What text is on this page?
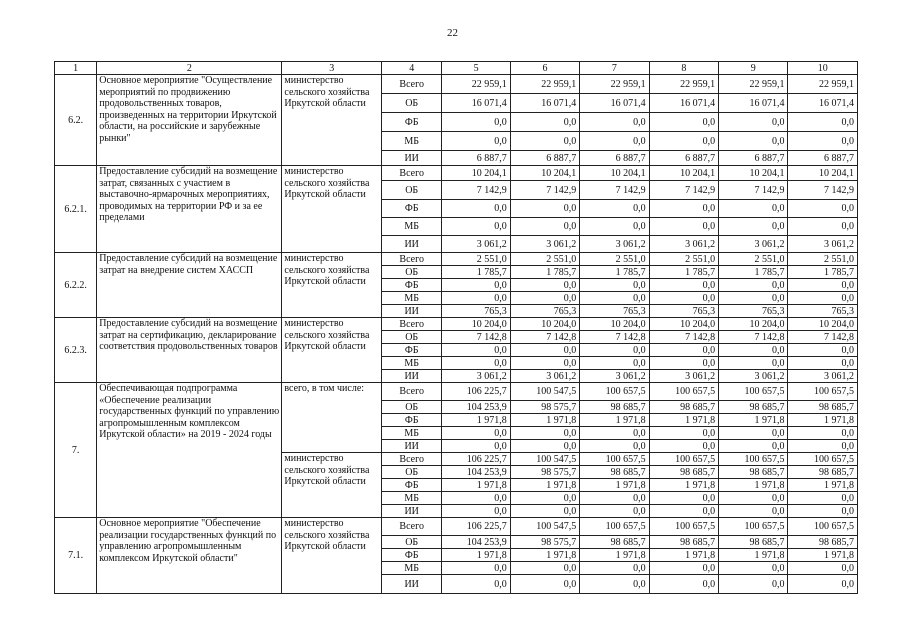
22
1	2	3	4	5	6	7	8	9	10
6.2.	Основное мероприятие "Осуществление мероприятий по продвижению продовольственных товаров, произведенных на территории Иркутской области, на российские и зарубежные рынки"	министерство сельского хозяйства Иркутской области	Всего	22 959,1	22 959,1	22 959,1	22 959,1	22 959,1	22 959,1
			ОБ	16 071,4	16 071,4	16 071,4	16 071,4	16 071,4	16 071,4
			ФБ	0,0	0,0	0,0	0,0	0,0	0,0
			МБ	0,0	0,0	0,0	0,0	0,0	0,0
			ИИ	6 887,7	6 887,7	6 887,7	6 887,7	6 887,7	6 887,7
6.2.1.	Предоставление субсидий на возмещение затрат, связанных с участием в выставочно-ярмарочных мероприятиях, проводимых на территории РФ и за ее пределами	министерство сельского хозяйства Иркутской области	Всего	10 204,1	10 204,1	10 204,1	10 204,1	10 204,1	10 204,1
			ОБ	7 142,9	7 142,9	7 142,9	7 142,9	7 142,9	7 142,9
			ФБ	0,0	0,0	0,0	0,0	0,0	0,0
			МБ	0,0	0,0	0,0	0,0	0,0	0,0
			ИИ	3 061,2	3 061,2	3 061,2	3 061,2	3 061,2	3 061,2
6.2.2.	Предоставление субсидий на возмещение затрат на внедрение систем ХАССП	министерство сельского хозяйства Иркутской области	Всего	2 551,0	2 551,0	2 551,0	2 551,0	2 551,0	2 551,0
			ОБ	1 785,7	1 785,7	1 785,7	1 785,7	1 785,7	1 785,7
			ФБ	0,0	0,0	0,0	0,0	0,0	0,0
			МБ	0,0	0,0	0,0	0,0	0,0	0,0
			ИИ	765,3	765,3	765,3	765,3	765,3	765,3
6.2.3.	Предоставление субсидий на возмещение затрат на сертификацию, декларирование соответствия продовольственных товаров	министерство сельского хозяйства Иркутской области	Всего	10 204,0	10 204,0	10 204,0	10 204,0	10 204,0	10 204,0
			ОБ	7 142,8	7 142,8	7 142,8	7 142,8	7 142,8	7 142,8
			ФБ	0,0	0,0	0,0	0,0	0,0	0,0
			МБ	0,0	0,0	0,0	0,0	0,0	0,0
			ИИ	3 061,2	3 061,2	3 061,2	3 061,2	3 061,2	3 061,2
7.	Обеспечивающая подпрограмма «Обеспечение реализации государственных функций по управлению агропромышленным комплексом Иркутской области» на 2019 - 2024 годы	всего, в том числе:	Всего	106 225,7	100 547,5	100 657,5	100 657,5	100 657,5	100 657,5
			ОБ	104 253,9	98 575,7	98 685,7	98 685,7	98 685,7	98 685,7
			ФБ	1 971,8	1 971,8	1 971,8	1 971,8	1 971,8	1 971,8
			МБ	0,0	0,0	0,0	0,0	0,0	0,0
			ИИ	0,0	0,0	0,0	0,0	0,0	0,0
		министерство сельского хозяйства Иркутской области	Всего	106 225,7	100 547,5	100 657,5	100 657,5	100 657,5	100 657,5
			ОБ	104 253,9	98 575,7	98 685,7	98 685,7	98 685,7	98 685,7
			ФБ	1 971,8	1 971,8	1 971,8	1 971,8	1 971,8	1 971,8
			МБ	0,0	0,0	0,0	0,0	0,0	0,0
			ИИ	0,0	0,0	0,0	0,0	0,0	0,0
7.1.	Основное мероприятие "Обеспечение реализации государственных функций по управлению агропромышленным комплексом Иркутской области"	министерство сельского хозяйства Иркутской области	Всего	106 225,7	100 547,5	100 657,5	100 657,5	100 657,5	100 657,5
			ОБ	104 253,9	98 575,7	98 685,7	98 685,7	98 685,7	98 685,7
			ФБ	1 971,8	1 971,8	1 971,8	1 971,8	1 971,8	1 971,8
			МБ	0,0	0,0	0,0	0,0	0,0	0,0
			ИИ	0,0	0,0	0,0	0,0	0,0	0,0
